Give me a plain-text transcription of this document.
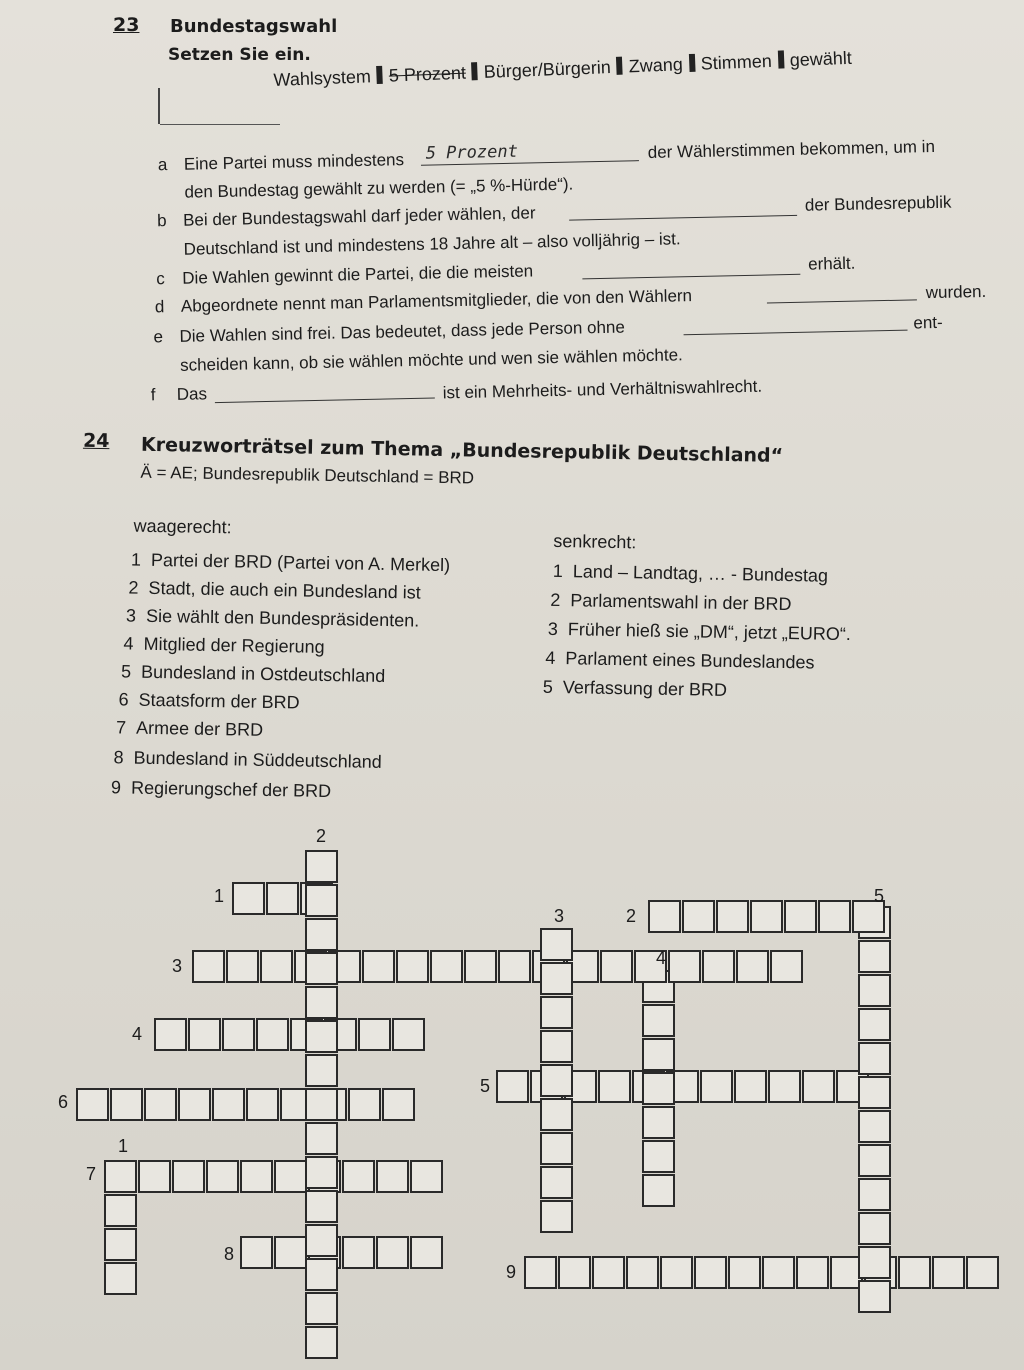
23 Bundestagswahl
Setzen Sie ein.
Wahlsystem 5 Prozent Bürger/Bürgerin Zwang Stimmen gewählt
a Eine Partei muss mindestens 5 Prozent	der Wählerstimmen bekommen, um in
den Bundestag gewählt zu werden (= „5 %-Hürde“).
b Bei der Bundestagswahl darf jeder wählen, der	der Bundesrepublik
Deutschland ist und mindestens 18 Jahre alt – also volljährig – ist.
c Die Wahlen gewinnt die Partei, die die meisten	erhält.
d Abgeordnete nennt man Parlamentsmitglieder, die von den Wählern	wurden.
e Die Wahlen sind frei. Das bedeutet, dass jede Person ohne	ent-
scheiden kann, ob sie wählen möchte und wen sie wählen möchte.
f Das	ist ein Mehrheits- und Verhältniswahlrecht.
24 Kreuzworträtsel zum Thema „Bundesrepublik Deutschland“
Ä = AE; Bundesrepublik Deutschland = BRD
waagerecht:
senkrecht:
1 Partei der BRD (Partei von A. Merkel)
2 Stadt, die auch ein Bundesland ist
3 Sie wählt den Bundespräsidenten.
4 Mitglied der Regierung
5 Bundesland in Ostdeutschland
6 Staatsform der BRD
7 Armee der BRD
8 Bundesland in Süddeutschland
9 Regierungschef der BRD
1 Land – Landtag, … - Bundestag
2 Parlamentswahl in der BRD
3 Früher hieß sie „DM“, jetzt „EURO“.
4 Parlament eines Bundeslandes
5 Verfassung der BRD
2
1	5
3	2
4
3
4
5
6
1
7
8
9
